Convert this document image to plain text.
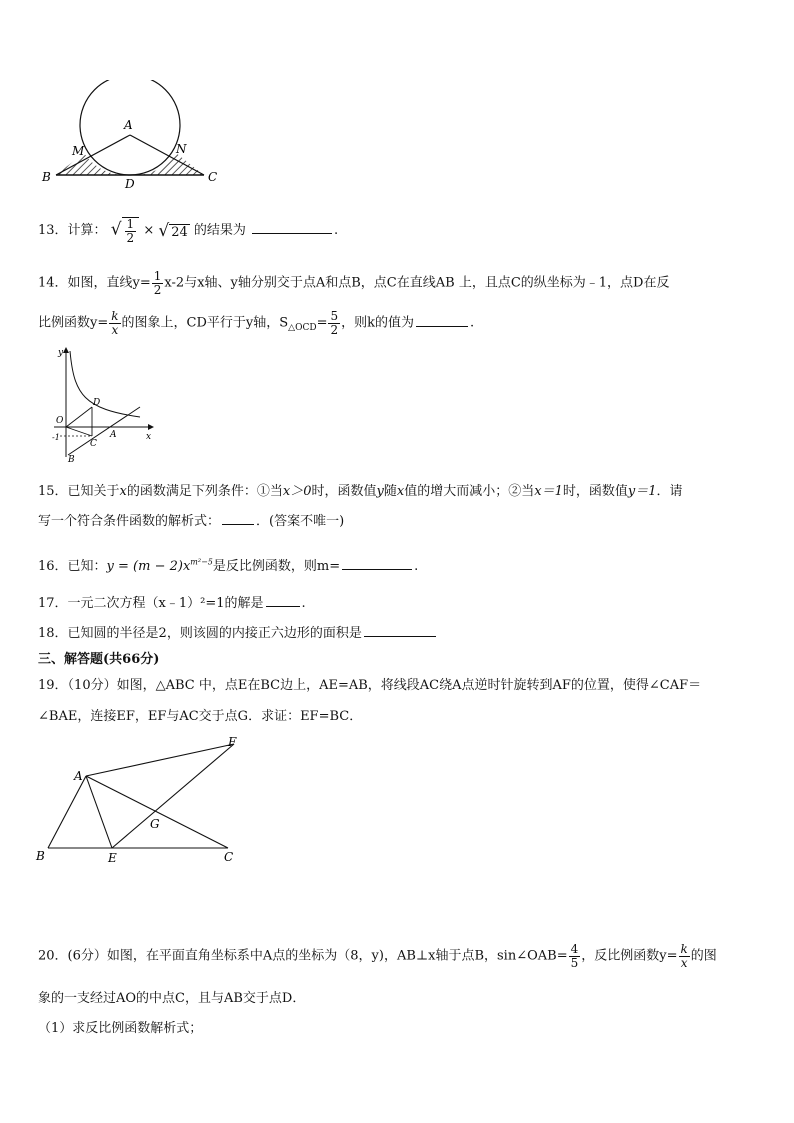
A
M	N
B	C
D
13．计算： √ $\frac{1}{2}$ × √ 24 的结果为	.
14．如图，直线$y= \frac{1}{2} x-2$与x轴、y轴分别交于点A和点B，点C在直线AB 上，且点C的纵坐标为﹣1，点D在反
比例函数$y= \frac{k}{x}$ 的图象上，CD平行于y轴，$S_{\triangle OCD}= \frac{5}{2}$ ，则k的值为	.
y
x
O
D
C
A
B
-1
15．已知关于x的函数满足下列条件：①当x＞0时，函数值y随x值的增大而减小；②当x＝1时，函数值y＝1．请
写一个符合条件函数的解析式：	．(答案不唯一)
16．已知：$y = (m - 2)x^{m^2-5}$是反比例函数，则m=	.
17．一元二次方程（x﹣1）²=1的解是	.
18．已知圆的半径是2，则该圆的内接正六边形的面积是
三、解答题(共66分)
19．（10分）如图，△ABC 中，点E在BC边上，AE=AB，将线段AC绕A点逆时针旋转到AF的位置，使得∠CAF＝
∠BAE，连接EF，EF与AC交于点G．求证：EF=BC．
A
B	E	C
G
F
20．(6分）如图，在平面直角坐标系中A点的坐标为（8，y)，AB⊥x轴于点B，sin∠OAB= $\frac{4}{5}$ ，反比例函数$y= \frac{k}{x}$ 的图
象的一支经过AO的中点C，且与AB交于点D．
（1）求反比例函数解析式；
